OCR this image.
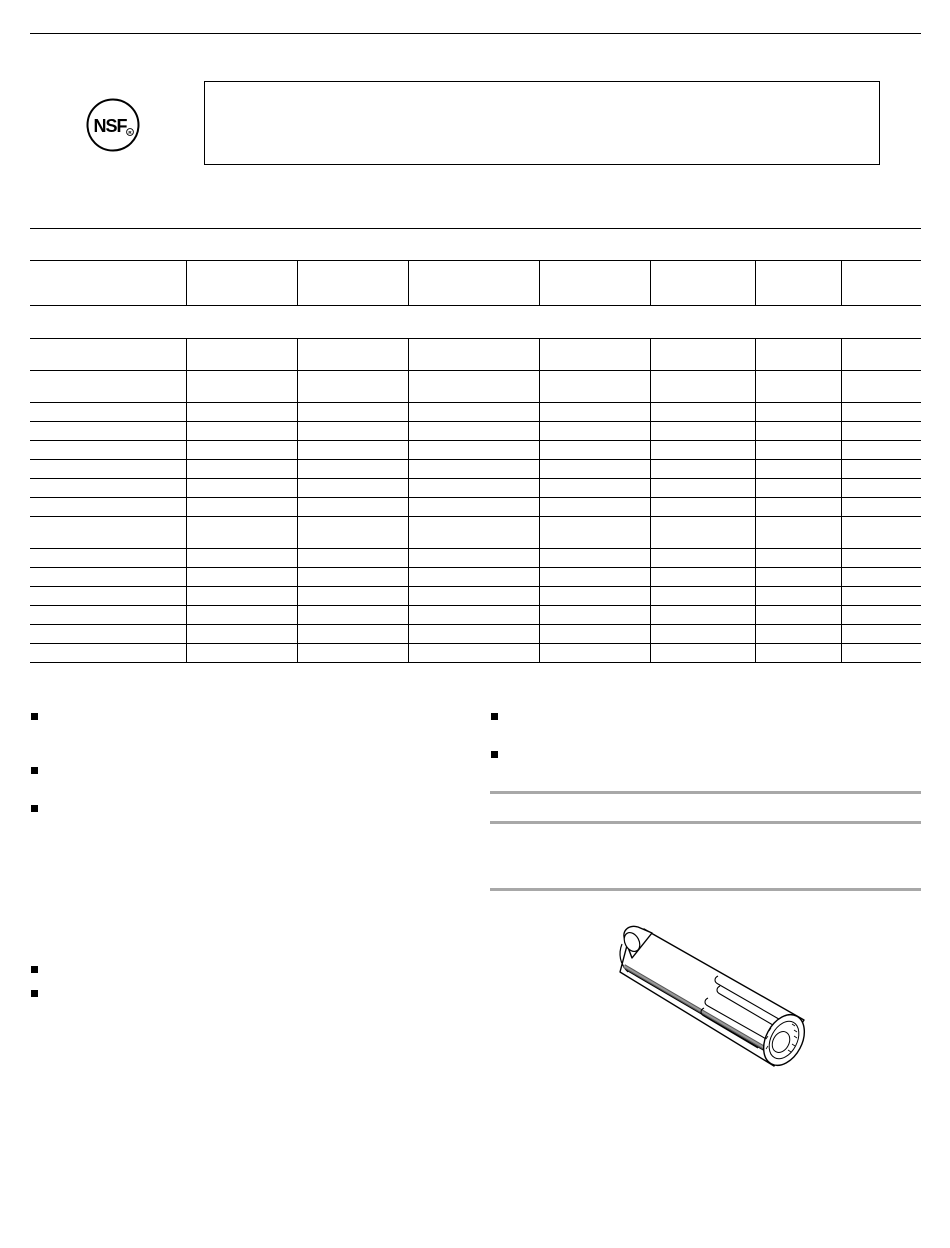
NSF R
